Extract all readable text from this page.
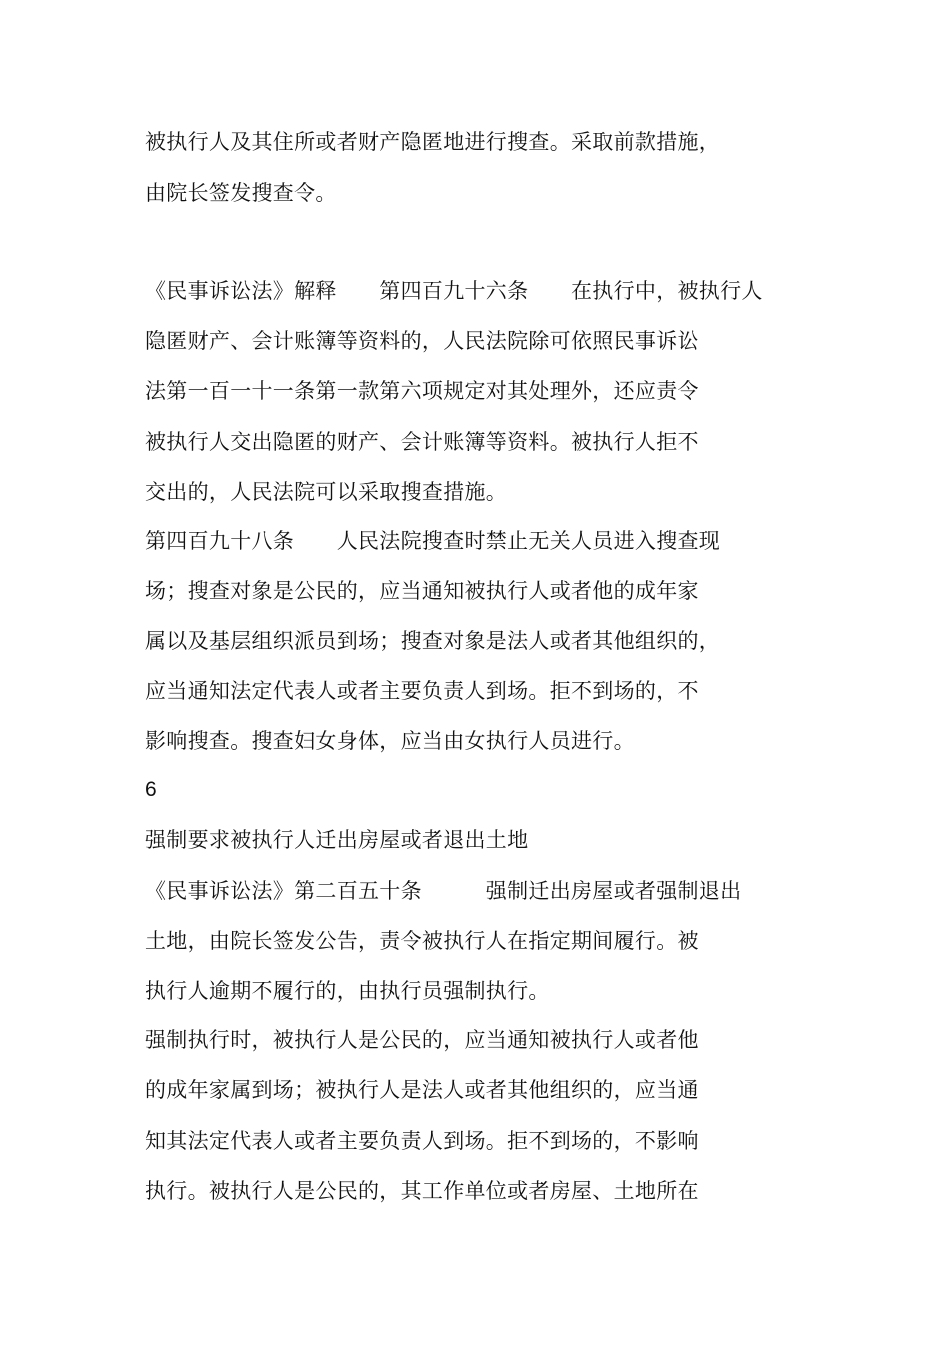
被执行人及其住所或者财产隐匿地进行搜查。采取前款措施，
由院长签发搜查令。
《民事诉讼法》解释　　第四百九十六条　　在执行中，被执行人
隐匿财产、会计账簿等资料的，人民法院除可依照民事诉讼
法第一百一十一条第一款第六项规定对其处理外，还应责令
被执行人交出隐匿的财产、会计账簿等资料。被执行人拒不
交出的，人民法院可以采取搜查措施。
第四百九十八条　　人民法院搜查时禁止无关人员进入搜查现
场；搜查对象是公民的，应当通知被执行人或者他的成年家
属以及基层组织派员到场；搜查对象是法人或者其他组织的，
应当通知法定代表人或者主要负责人到场。拒不到场的，不
影响搜查。搜查妇女身体，应当由女执行人员进行。
6
强制要求被执行人迁出房屋或者退出土地
《民事诉讼法》第二百五十条　　　强制迁出房屋或者强制退出
土地，由院长签发公告，责令被执行人在指定期间履行。被
执行人逾期不履行的，由执行员强制执行。
强制执行时，被执行人是公民的，应当通知被执行人或者他
的成年家属到场；被执行人是法人或者其他组织的，应当通
知其法定代表人或者主要负责人到场。拒不到场的，不影响
执行。被执行人是公民的，其工作单位或者房屋、土地所在
